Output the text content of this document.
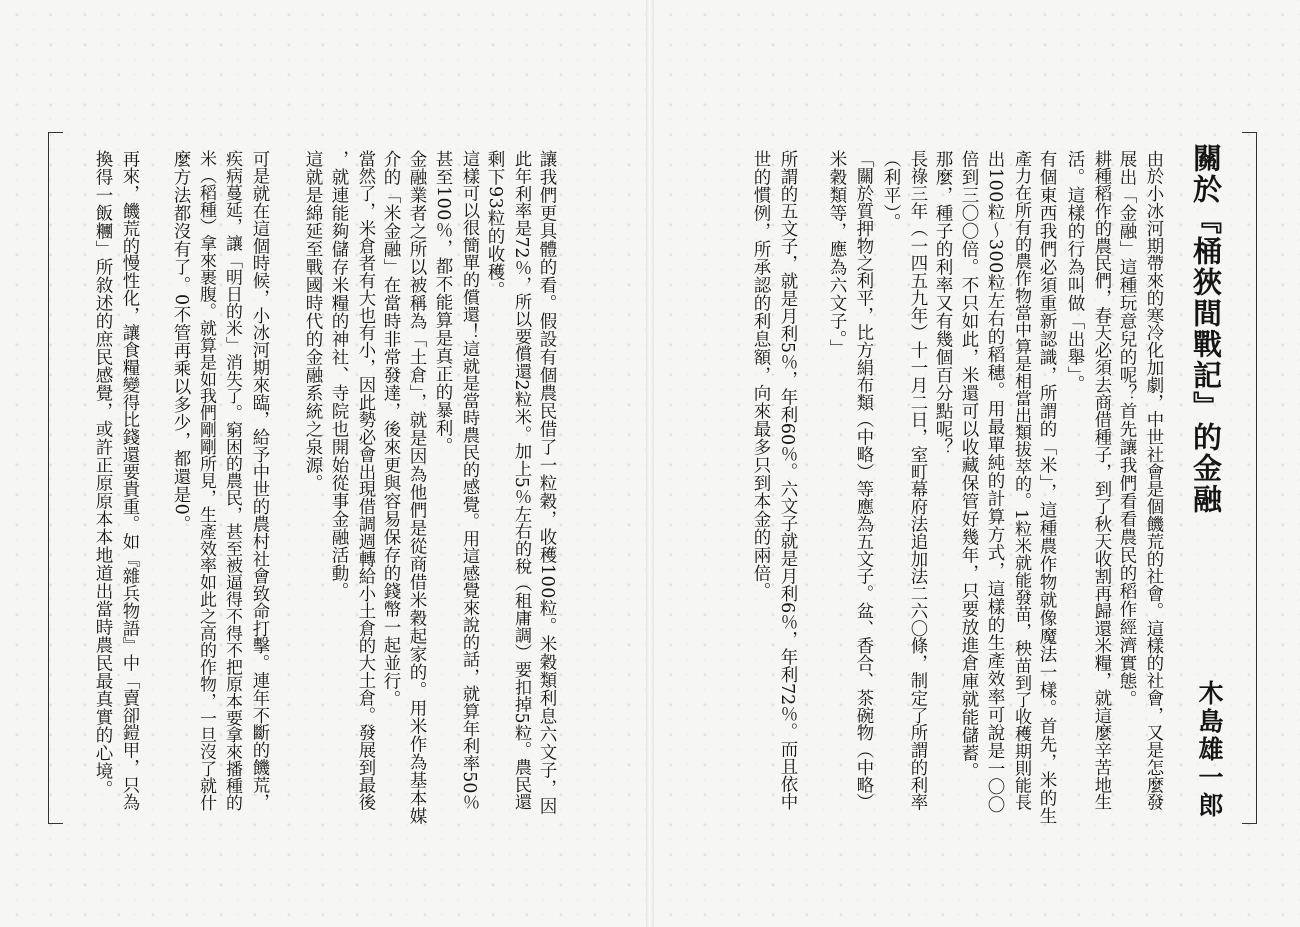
讓我們更具體的看。假設有個農民借了一粒穀，收穫100粒。米穀類利息六文子，因
此年利率是72％，所以要償還2粒米。加上5％左右的稅（租庸調）要扣掉5粒。農民還
剩下93粒的收穫。
這樣可以很簡單的償還！這就是當時農民的感覺。用這感覺來說的話，就算年利率50％
甚至100％，都不能算是真正的暴利。
金融業者之所以被稱為「土倉」，就是因為他們是從商借米穀起家的。用米作為基本媒
介的「米金融」在當時非常發達，後來更與容易保存的錢幣一起並行。
當然了，米倉者有大也有小，因此勢必會出現借調週轉給小土倉的大土倉。發展到最後
，就連能夠儲存米糧的神社、寺院也開始從事金融活動。
這就是綿延至戰國時代的金融系統之泉源。
可是就在這個時候，小冰河期來臨，給予中世的農村社會致命打擊。連年不斷的饑荒，
疾病蔓延，讓「明日的米」消失了。窮困的農民，甚至被逼得不得不把原本要拿來播種的
米（稻種）拿來裹腹。就算是如我們剛剛所見，生產效率如此之高的作物，一旦沒了就什
麼方法都沒有了。0不管再乘以多少，都還是0。
再來，饑荒的慢性化，讓食糧變得比錢還要貴重。如『雜兵物語』中「賣卻鎧甲，只為
換得一飯糰」所敘述的庶民感覺，或許正原原本本地道出當時農民最真實的心境。	關於『桶狹間戰記』的金融
木島雄一郎
由於小冰河期帶來的寒冷化加劇，中世社會是個饑荒的社會。這樣的社會，又是怎麼發
展出「金融」這種玩意兒的呢？首先讓我們看看農民的稻作經濟實態。
耕種稻作的農民們，春天必須去商借種子，到了秋天收割再歸還米糧，就這麼辛苦地生
活。這樣的行為叫做「出舉」。
有個東西我們必須重新認識，所謂的「米」，這種農作物就像魔法一樣。首先，米的生
產力在所有的農作物當中算是相當出類拔萃的。1粒米就能發苗，秧苗到了收穫期則能長
出100粒～300粒左右的稻穗。用最單純的計算方式，這樣的生產效率可說是一〇〇
倍到三〇〇倍。不只如此，米還可以收藏保管好幾年，只要放進倉庫就能儲蓄。
那麼，種子的利率又有幾個百分點呢？
長祿三年（一四五九年）十一月二日，室町幕府法追加法二六〇條，制定了所謂的利率
（利平）。
「關於質押物之利平，比方絹布類（中略）等應為五文子。盆、香合、茶碗物（中略）
米穀類等，應為六文子。」
所謂的五文子，就是月利5％，年利60％。六文子就是月利6％，年利72％。而且依中
世的慣例，所承認的利息額，向來最多只到本金的兩倍。
